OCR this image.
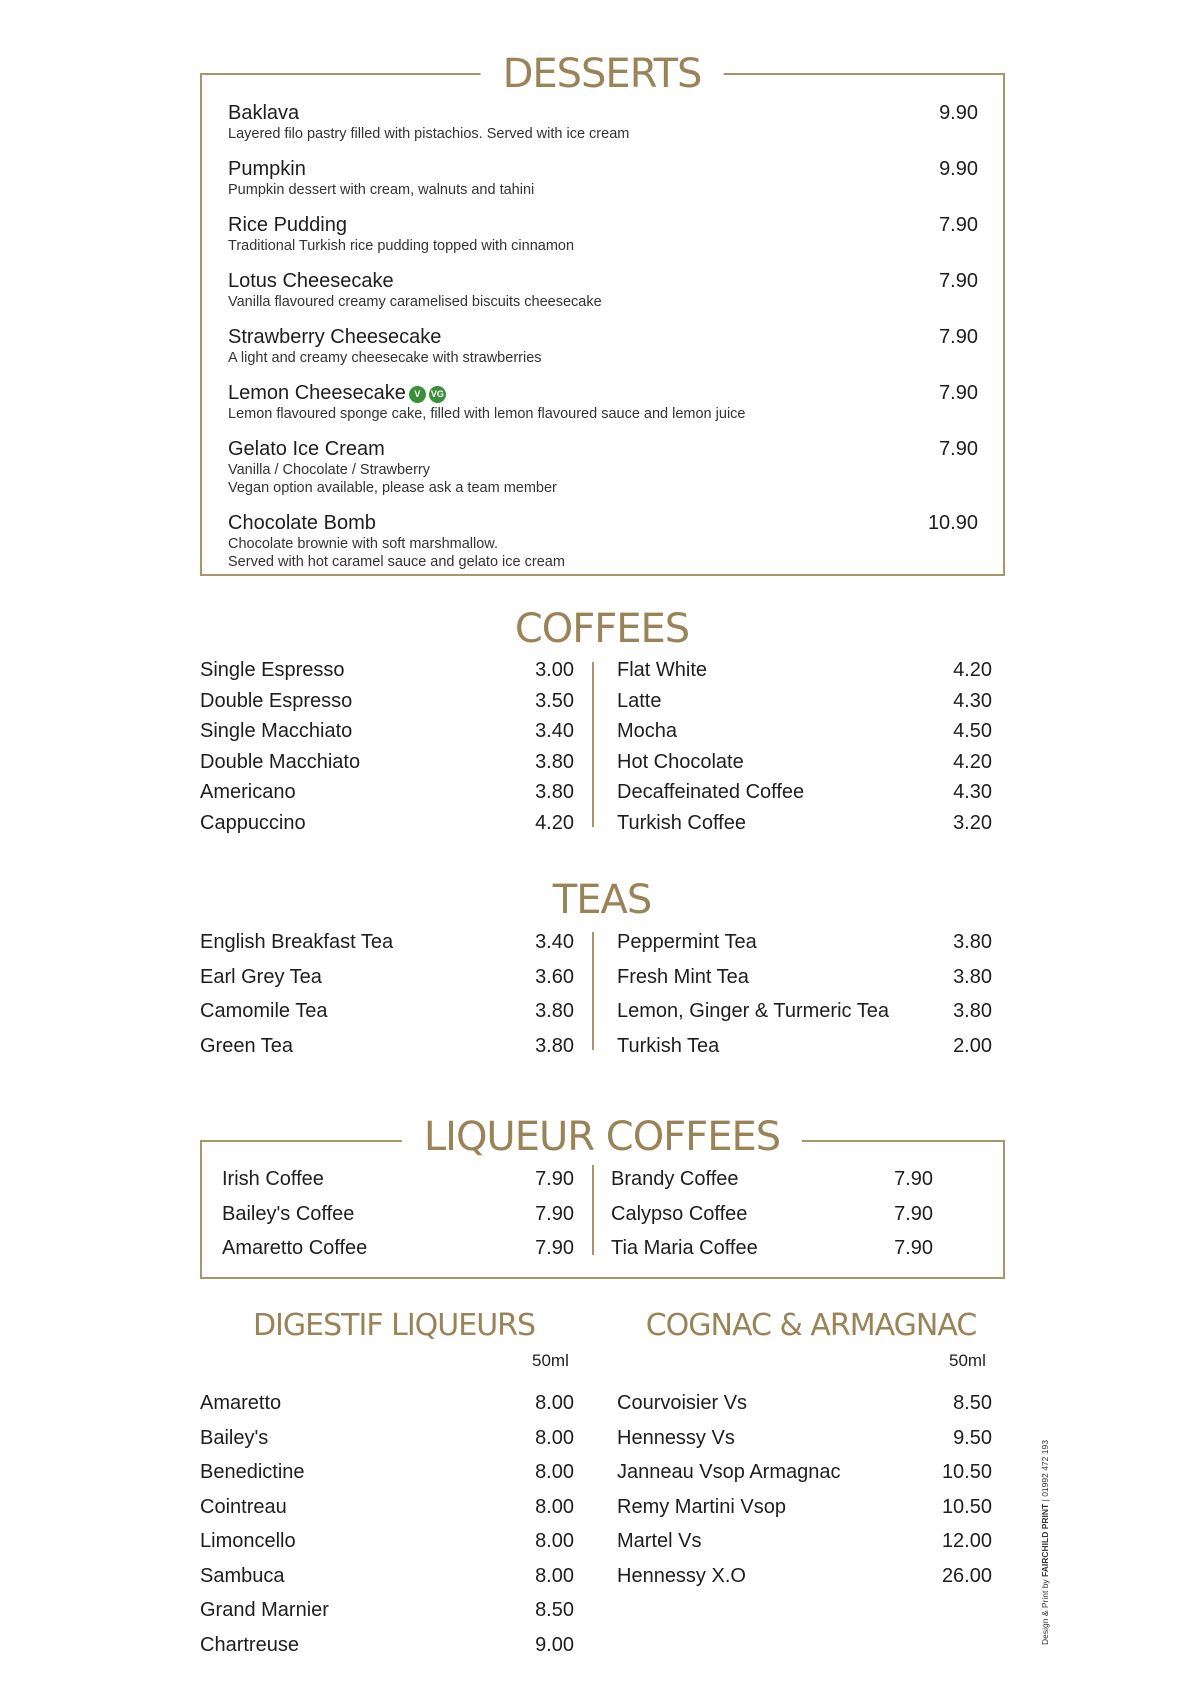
DESSERTS
Baklava
Layered filo pastry filled with pistachios. Served with ice cream
9.90
Pumpkin
Pumpkin dessert with cream, walnuts and tahini
9.90
Rice Pudding
Traditional Turkish rice pudding topped with cinnamon
7.90
Lotus Cheesecake
Vanilla flavoured creamy caramelised biscuits cheesecake
7.90
Strawberry Cheesecake
A light and creamy cheesecake with strawberries
7.90
Lemon Cheesecake V VG
Lemon flavoured sponge cake, filled with lemon flavoured sauce and lemon juice
7.90
Gelato Ice Cream
Vanilla / Chocolate / Strawberry
Vegan option available, please ask a team member
7.90
Chocolate Bomb
Chocolate brownie with soft marshmallow.
Served with hot caramel sauce and gelato ice cream
10.90
COFFEES
Single Espresso	3.00
Double Espresso	3.50
Single Macchiato	3.40
Double Macchiato	3.80
Americano	3.80
Cappuccino	4.20
Flat White	4.20
Latte	4.30
Mocha	4.50
Hot Chocolate	4.20
Decaffeinated Coffee	4.30
Turkish Coffee	3.20
TEAS
English Breakfast Tea	3.40
Earl Grey Tea	3.60
Camomile Tea	3.80
Green Tea	3.80
Peppermint Tea	3.80
Fresh Mint Tea	3.80
Lemon, Ginger & Turmeric Tea	3.80
Turkish Tea	2.00
LIQUEUR COFFEES
Irish Coffee	7.90
Bailey's Coffee	7.90
Amaretto Coffee	7.90
Brandy Coffee	7.90
Calypso Coffee	7.90
Tia Maria Coffee	7.90
DIGESTIF LIQUEURS
50ml
Amaretto	8.00
Bailey's	8.00
Benedictine	8.00
Cointreau	8.00
Limoncello	8.00
Sambuca	8.00
Grand Marnier	8.50
Chartreuse	9.00
COGNAC & ARMAGNAC
50ml
Courvoisier Vs	8.50
Hennessy Vs	9.50
Janneau Vsop Armagnac	10.50
Remy Martini Vsop	10.50
Martel Vs	12.00
Hennessy X.O	26.00
Design & Print by FAIRCHILD PRINT | 01992 472 193
